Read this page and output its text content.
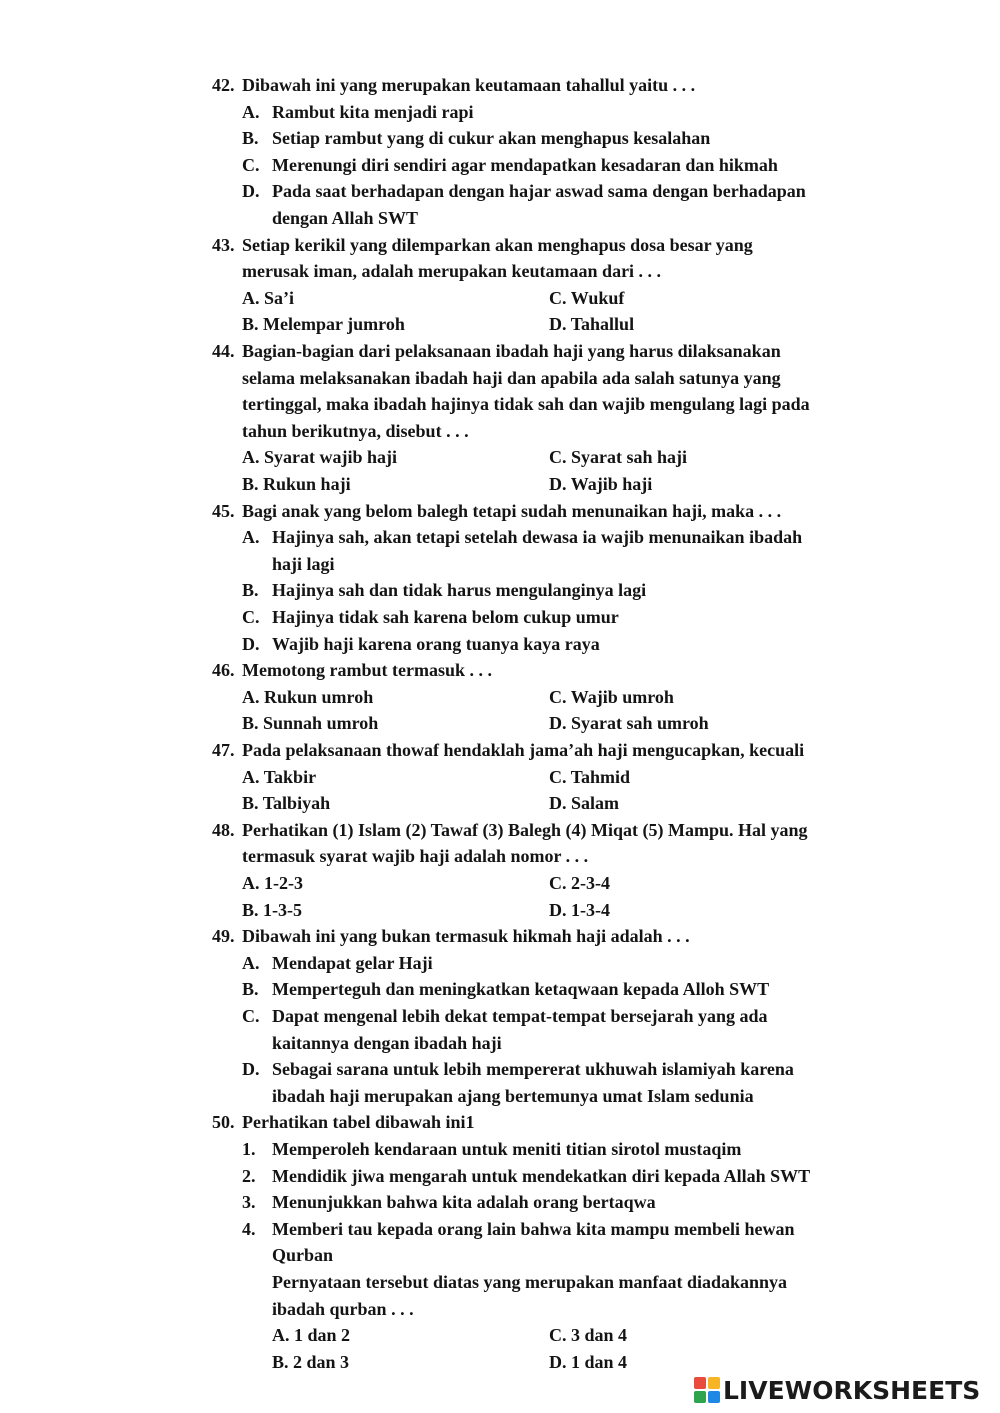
42. Dibawah ini yang merupakan keutamaan tahallul yaitu . . .
A. Rambut kita menjadi rapi
B. Setiap rambut yang di cukur akan menghapus kesalahan
C. Merenungi diri sendiri agar mendapatkan kesadaran dan hikmah
D. Pada saat berhadapan dengan hajar aswad sama dengan berhadapan
dengan Allah SWT
43. Setiap kerikil yang dilemparkan akan menghapus dosa besar yang
merusak iman, adalah merupakan keutamaan dari . . .
A. Sa’i	C. Wukuf
B. Melempar jumroh	D. Tahallul
44. Bagian-bagian dari pelaksanaan ibadah haji yang harus dilaksanakan
selama melaksanakan ibadah haji dan apabila ada salah satunya yang
tertinggal, maka ibadah hajinya tidak sah dan wajib mengulang lagi pada
tahun berikutnya, disebut . . .
A. Syarat wajib haji	C. Syarat sah haji
B. Rukun haji	D. Wajib haji
45. Bagi anak yang belom balegh tetapi sudah menunaikan haji, maka . . .
A. Hajinya sah, akan tetapi setelah dewasa ia wajib menunaikan ibadah
haji lagi
B. Hajinya sah dan tidak harus mengulanginya lagi
C. Hajinya tidak sah karena belom cukup umur
D. Wajib haji karena orang tuanya kaya raya
46. Memotong rambut termasuk . . .
A. Rukun umroh	C. Wajib umroh
B. Sunnah umroh	D. Syarat sah umroh
47. Pada pelaksanaan thowaf hendaklah jama’ah haji mengucapkan, kecuali
A. Takbir	C. Tahmid
B. Talbiyah	D. Salam
48. Perhatikan (1) Islam (2) Tawaf (3) Balegh (4) Miqat (5) Mampu. Hal yang
termasuk syarat wajib haji adalah nomor . . .
A. 1-2-3	C. 2-3-4
B. 1-3-5	D. 1-3-4
49. Dibawah ini yang bukan termasuk hikmah haji adalah . . .
A. Mendapat gelar Haji
B. Memperteguh dan meningkatkan ketaqwaan kepada Alloh SWT
C. Dapat mengenal lebih dekat tempat-tempat bersejarah yang ada
kaitannya dengan ibadah haji
D. Sebagai sarana untuk lebih mempererat ukhuwah islamiyah karena
ibadah haji merupakan ajang bertemunya umat Islam sedunia
50. Perhatikan tabel dibawah ini1
1. Memperoleh kendaraan untuk meniti titian sirotol mustaqim
2. Mendidik jiwa mengarah untuk mendekatkan diri kepada Allah SWT
3. Menunjukkan bahwa kita adalah orang bertaqwa
4. Memberi tau kepada orang lain bahwa kita mampu membeli hewan
Qurban
Pernyataan tersebut diatas yang merupakan manfaat diadakannya
ibadah qurban . . .
A. 1 dan 2	C. 3 dan 4
B. 2 dan 3	D. 1 dan 4
LIVEWORKSHEETS
